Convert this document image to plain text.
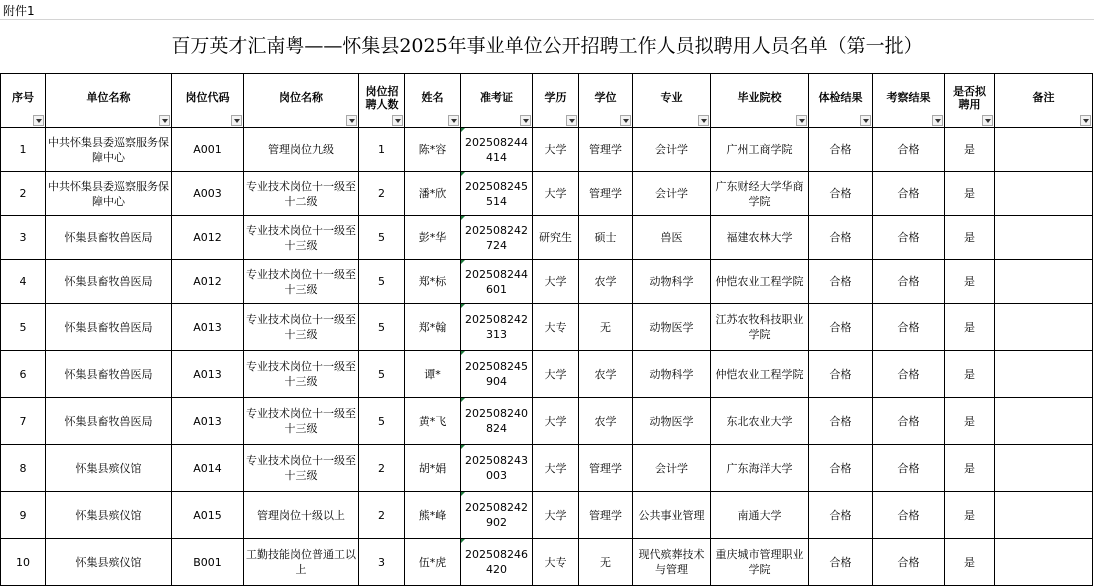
附件1
百万英才汇南粤——怀集县2025年事业单位公开招聘工作人员拟聘用人员名单（第一批）
序号	单位名称	岗位代码	岗位名称	岗位招聘人数	姓名	准考证	学历	学位	专业	毕业院校	体检结果	考察结果	是否拟聘用	备注

1	中共怀集县委巡察服务保障中心	A001	管理岗位九级	1	陈*容	202508244414	大学	管理学	会计学	广州工商学院	合格	合格	是	
2	中共怀集县委巡察服务保障中心	A003	专业技术岗位十一级至十二级	2	潘*欣	202508245514	大学	管理学	会计学	广东财经大学华商学院	合格	合格	是	
3	怀集县畜牧兽医局	A012	专业技术岗位十一级至十三级	5	彭*华	202508242724	研究生	硕士	兽医	福建农林大学	合格	合格	是	
4	怀集县畜牧兽医局	A012	专业技术岗位十一级至十三级	5	郑*标	202508244601	大学	农学	动物科学	仲恺农业工程学院	合格	合格	是	
5	怀集县畜牧兽医局	A013	专业技术岗位十一级至十三级	5	郑*翰	202508242313	大专	无	动物医学	江苏农牧科技职业学院	合格	合格	是	
6	怀集县畜牧兽医局	A013	专业技术岗位十一级至十三级	5	谭*	202508245904	大学	农学	动物科学	仲恺农业工程学院	合格	合格	是	
7	怀集县畜牧兽医局	A013	专业技术岗位十一级至十三级	5	黄*飞	202508240824	大学	农学	动物医学	东北农业大学	合格	合格	是	
8	怀集县殡仪馆	A014	专业技术岗位十一级至十三级	2	胡*娟	202508243003	大学	管理学	会计学	广东海洋大学	合格	合格	是	
9	怀集县殡仪馆	A015	管理岗位十级以上	2	熊*峰	202508242902	大学	管理学	公共事业管理	南通大学	合格	合格	是	
10	怀集县殡仪馆	B001	工勤技能岗位普通工以上	3	伍*虎	202508246420	大专	无	现代殡葬技术与管理	重庆城市管理职业学院	合格	合格	是	
